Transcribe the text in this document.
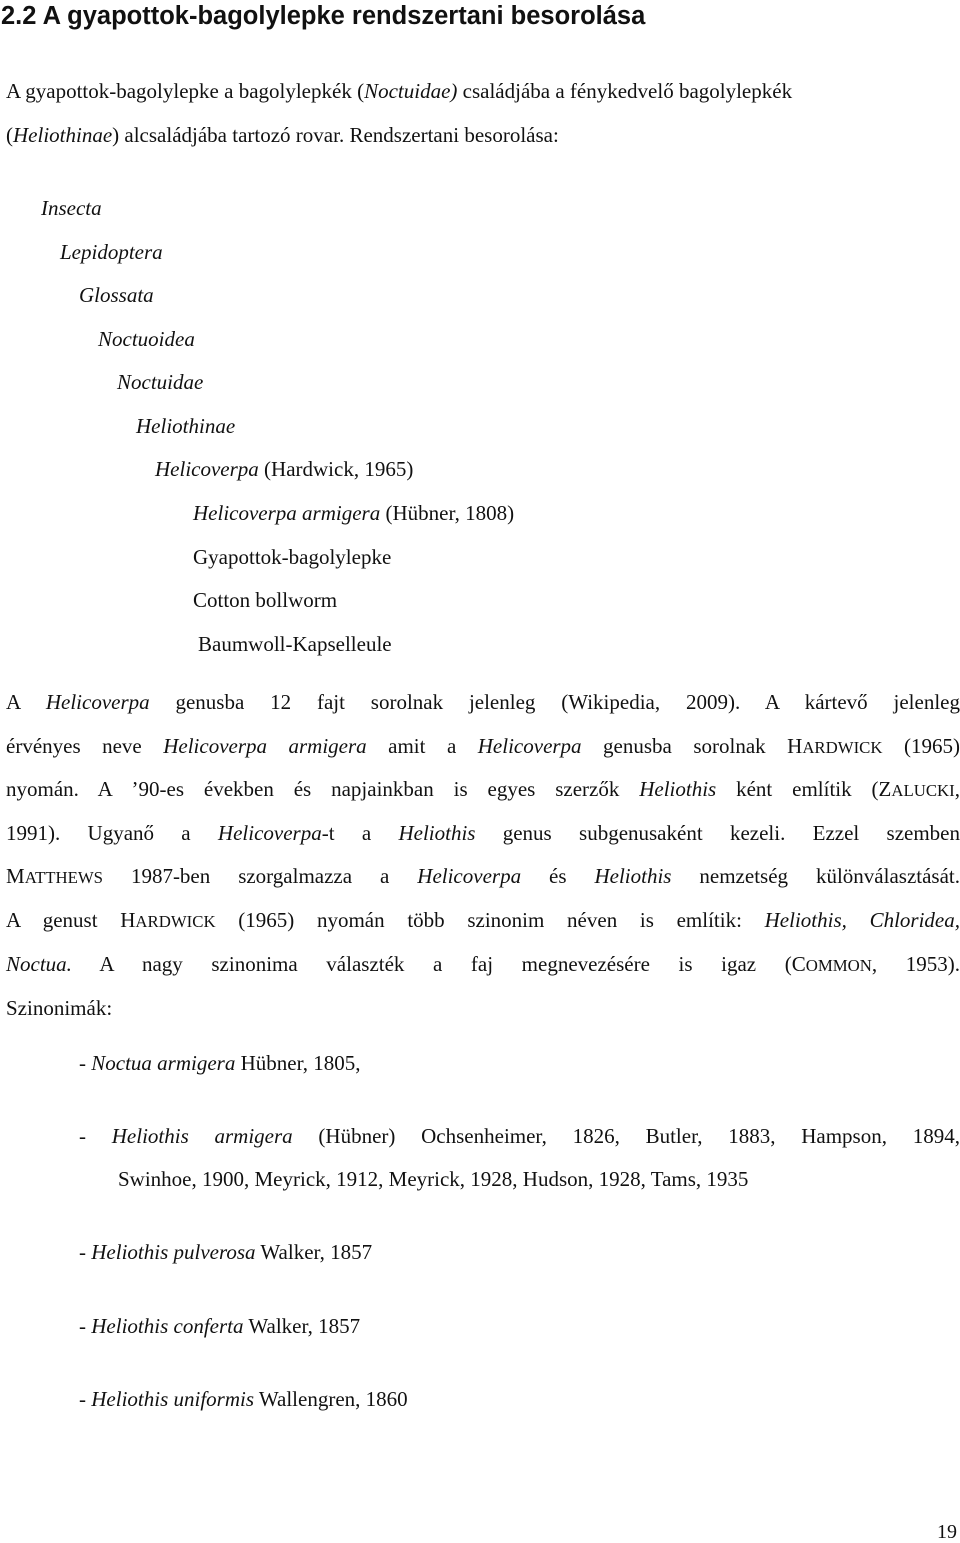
2.2 A gyapottok-bagolylepke rendszertani besorolása
A gyapottok-bagolylepke a bagolylepkék (Noctuidae) családjába a fénykedvelő bagolylepkék
(Heliothinae) alcsaládjába tartozó rovar. Rendszertani besorolása:
Insecta
Lepidoptera
Glossata
Noctuoidea
Noctuidae
Heliothinae
Helicoverpa (Hardwick, 1965)
Helicoverpa armigera (Hübner, 1808)
Gyapottok-bagolylepke
Cotton bollworm
Baumwoll-Kapselleule
A Helicoverpa genusba 12 fajt sorolnak jelenleg (Wikipedia, 2009). A kártevő jelenleg
érvényes neve Helicoverpa armigera amit a Helicoverpa genusba sorolnak HARDWICK (1965)
nyomán. A ’90-es években és napjainkban is egyes szerzők Heliothis ként említik (ZALUCKI,
1991). Ugyanő a Helicoverpa-t a Heliothis genus subgenusaként kezeli. Ezzel szemben
MATTHEWS 1987-ben szorgalmazza a Helicoverpa és Heliothis nemzetség különválasztását.
A genust HARDWICK (1965) nyomán több szinonim néven is említik: Heliothis, Chloridea,
Noctua. A nagy szinonima választék a faj megnevezésére is igaz (COMMON, 1953).
Szinonimák:
- Noctua armigera Hübner, 1805,
- Heliothis armigera (Hübner) Ochsenheimer, 1826, Butler, 1883, Hampson, 1894,
Swinhoe, 1900, Meyrick, 1912, Meyrick, 1928, Hudson, 1928, Tams, 1935
- Heliothis pulverosa Walker, 1857
- Heliothis conferta Walker, 1857
- Heliothis uniformis Wallengren, 1860
19
